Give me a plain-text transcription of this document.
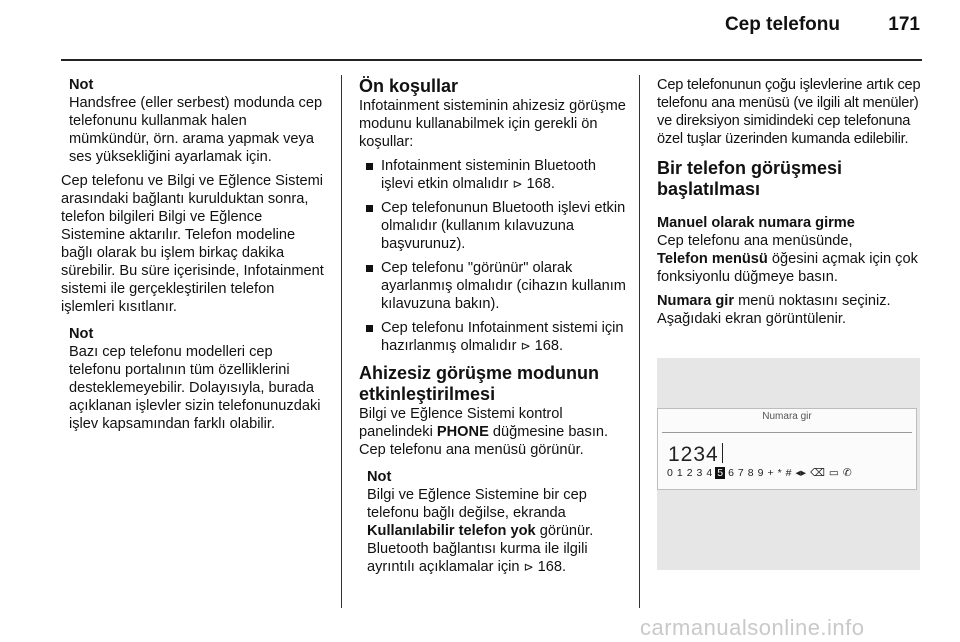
Cep telefonu	171

Not

Handsfree (eller serbest) modunda cep telefonunu kullanmak halen mümkündür, örn. arama yapmak veya ses yüksekliğini ayarlamak için.

Cep telefonu ve Bilgi ve Eğlence Sistemi arasındaki bağlantı kurulduktan sonra, telefon bilgileri Bilgi ve Eğlence Sistemine aktarılır. Telefon modeline bağlı olarak bu işlem birkaç dakika sürebilir. Bu süre içerisinde, Infotainment sistemi ile gerçekleştirilen telefon işlemleri kısıtlanır.

Not

Bazı cep telefonu modelleri cep telefonu portalının tüm özelliklerini desteklemeyebilir. Dolayısıyla, burada açıklanan işlevler sizin telefonunuzdaki işlev kapsamından farklı olabilir.

Ön koşullar

Infotainment sisteminin ahizesiz görüşme modunu kullanabilmek için gerekli ön koşullar:

Infotainment sisteminin Bluetooth işlevi etkin olmalıdır ⊳ 168.
Cep telefonunun Bluetooth işlevi etkin olmalıdır (kullanım kılavuzuna başvurunuz).
Cep telefonu "görünür" olarak ayarlanmış olmalıdır (cihazın kullanım kılavuzuna bakın).
Cep telefonu Infotainment sistemi için hazırlanmış olmalıdır ⊳ 168.

Ahizesiz görüşme modunun etkinleştirilmesi

Bilgi ve Eğlence Sistemi kontrol panelindeki PHONE düğmesine basın. Cep telefonu ana menüsü görünür.

Not

Bilgi ve Eğlence Sistemine bir cep telefonu bağlı değilse, ekranda Kullanılabilir telefon yok görünür. Bluetooth bağlantısı kurma ile ilgili ayrıntılı açıklamalar için ⊳ 168.

Cep telefonunun çoğu işlevlerine artık cep telefonu ana menüsü (ve ilgili alt menüler) ve direksiyon simidindeki cep telefonuna özel tuşlar üzerinden kumanda edilebilir.

Bir telefon görüşmesi başlatılması

Manuel olarak numara girme

Cep telefonu ana menüsünde,
Telefon menüsü öğesini açmak için çok fonksiyonlu düğmeye basın.

Numara gir menü noktasını seçiniz. Aşağıdaki ekran görüntülenir.

Numara gir
1234
0 1 2 3 4 5 6 7 8 9 + * # ◂▸ ⌫ ▭ ✆
carmanualsonline.info
